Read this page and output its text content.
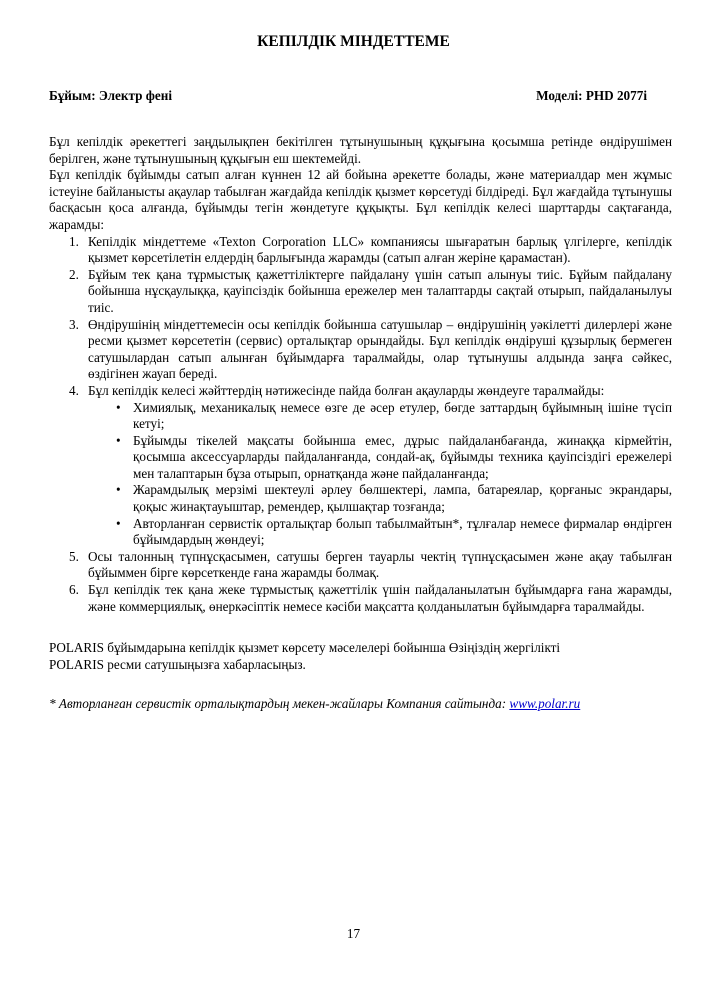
КЕПІЛДІК МІНДЕТТЕМЕ
Бұйым: Электр фені	Моделі: PHD 2077i

Бұл кепілдік әрекеттегі заңдылықпен бекітілген тұтынушының құқығына қосымша ретінде өндірушімен берілген, және тұтынушының құқығын еш шектемейді.

Бұл кепілдік бұйымды сатып алған күннен 12 ай бойына әрекетте болады, және материалдар мен жұмыс істеуіне байланысты ақаулар табылған жағдайда кепілдік қызмет көрсетуді білдіреді. Бұл жағдайда тұтынушы басқасын қоса алғанда, бұйымды тегін жөндетуге құқықты. Бұл кепілдік келесі шарттарды сақтағанда, жарамды:

1. Кепілдік міндеттеме «Texton Corporation LLC» компаниясы шығаратын барлық үлгілерге, кепілдік қызмет көрсетілетін елдердің барлығында жарамды (сатып алған жеріне қарамастан).
2. Бұйым тек қана тұрмыстық қажеттіліктерге пайдалану үшін сатып алынуы тиіс. Бұйым пайдалану бойынша нұсқаулыққа, қауіпсіздік бойынша ережелер мен талаптарды сақтай отырып, пайдаланылуы тиіс.
3. Өндірушінің міндеттемесін осы кепілдік бойынша сатушылар – өндірушінің уәкілетті дилерлері және ресми қызмет көрсететін (сервис) орталықтар орындайды. Бұл кепілдік өндіруші құзырлық бермеген сатушылардан сатып алынған бұйымдарға таралмайды, олар тұтынушы алдында заңға сәйкес, өздігінен жауап береді.
4. Бұл кепілдік келесі жәйттердің нәтижесінде пайда болған ақауларды жөндеуге таралмайды:
• Химиялық, механикалық немесе өзге де әсер етулер, бөгде заттардың бұйымның ішіне түсіп кетуі;
• Бұйымды тікелей мақсаты бойынша емес, дұрыс пайдаланбағанда, жинаққа кірмейтін, қосымша аксессуарларды пайдаланғанда, сондай-ақ, бұйымды техника қауіпсіздігі ережелері мен талаптарын бұза отырып, орнатқанда және пайдаланғанда;
• Жарамдылық мерзімі шектеулі әрлеу бөлшектері, лампа, батареялар, қорғаныс экрандары, қоқыс жинақтауыштар, ремендер, қылшақтар тозғанда;
• Авторланған сервистік орталықтар болып табылмайтын*, тұлғалар немесе фирмалар өндірген бұйымдардың жөндеуі;
5. Осы талонның түпнұсқасымен, сатушы берген тауарлы чектің түпнұсқасымен және ақау табылған бұйыммен бірге көрсеткенде ғана жарамды болмақ.
6. Бұл кепілдік тек қана жеке тұрмыстық қажеттілік үшін пайдаланылатын бұйымдарға ғана жарамды, және коммерциялық, өнеркәсіптік немесе кәсіби мақсатта қолданылатын бұйымдарға таралмайды.
POLARIS бұйымдарына кепілдік қызмет көрсету мәселелері бойынша Өзіңіздің жергілікті
POLARIS ресми сатушыңызға хабарласыңыз.
* Авторланған сервистік орталықтардың мекен-жайлары Компания сайтында: www.polar.ru
17
